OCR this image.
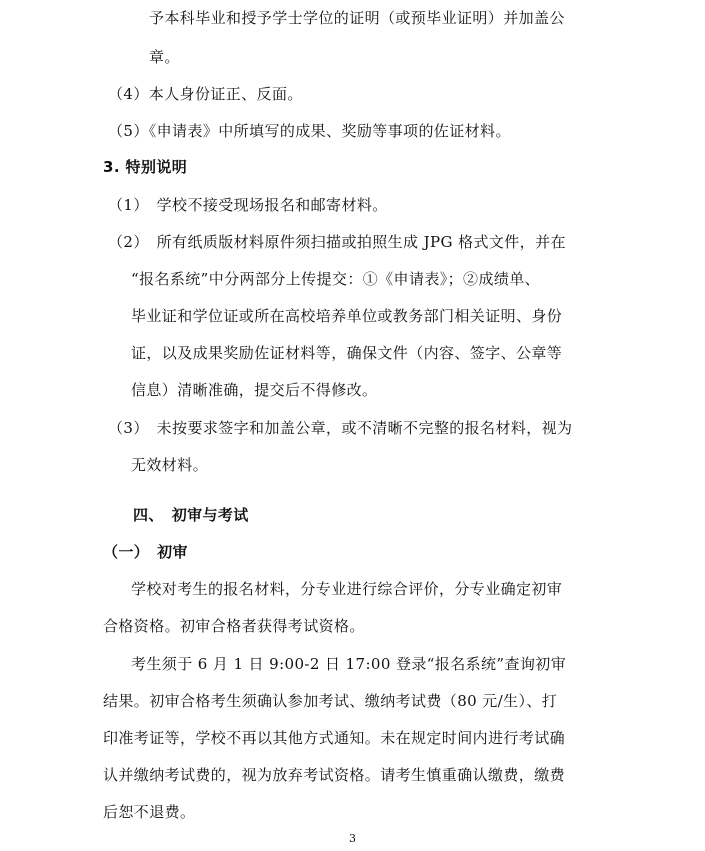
予本科毕业和授予学士学位的证明（或预毕业证明）并加盖公
章。
（4）本人身份证正、反面。
（5）《申请表》中所填写的成果、奖励等事项的佐证材料。
3. 特别说明
（1）　学校不接受现场报名和邮寄材料。
（2）　所有纸质版材料原件须扫描或拍照生成 JPG 格式文件，并在
“报名系统”中分两部分上传提交：①《申请表》；②成绩单、
毕业证和学位证或所在高校培养单位或教务部门相关证明、身份
证，以及成果奖励佐证材料等，确保文件（内容、签字、公章等
信息）清晰准确，提交后不得修改。
（3）　未按要求签字和加盖公章，或不清晰不完整的报名材料，视为
无效材料。
四、　初审与考试
（一）　初审
学校对考生的报名材料，分专业进行综合评价，分专业确定初审
合格资格。初审合格者获得考试资格。
考生须于 6 月 1 日 9:00-2 日 17:00 登录“报名系统”查询初审
结果。初审合格考生须确认参加考试、缴纳考试费（80 元/生）、打
印准考证等，学校不再以其他方式通知。未在规定时间内进行考试确
认并缴纳考试费的，视为放弃考试资格。请考生慎重确认缴费，缴费
后恕不退费。
3
